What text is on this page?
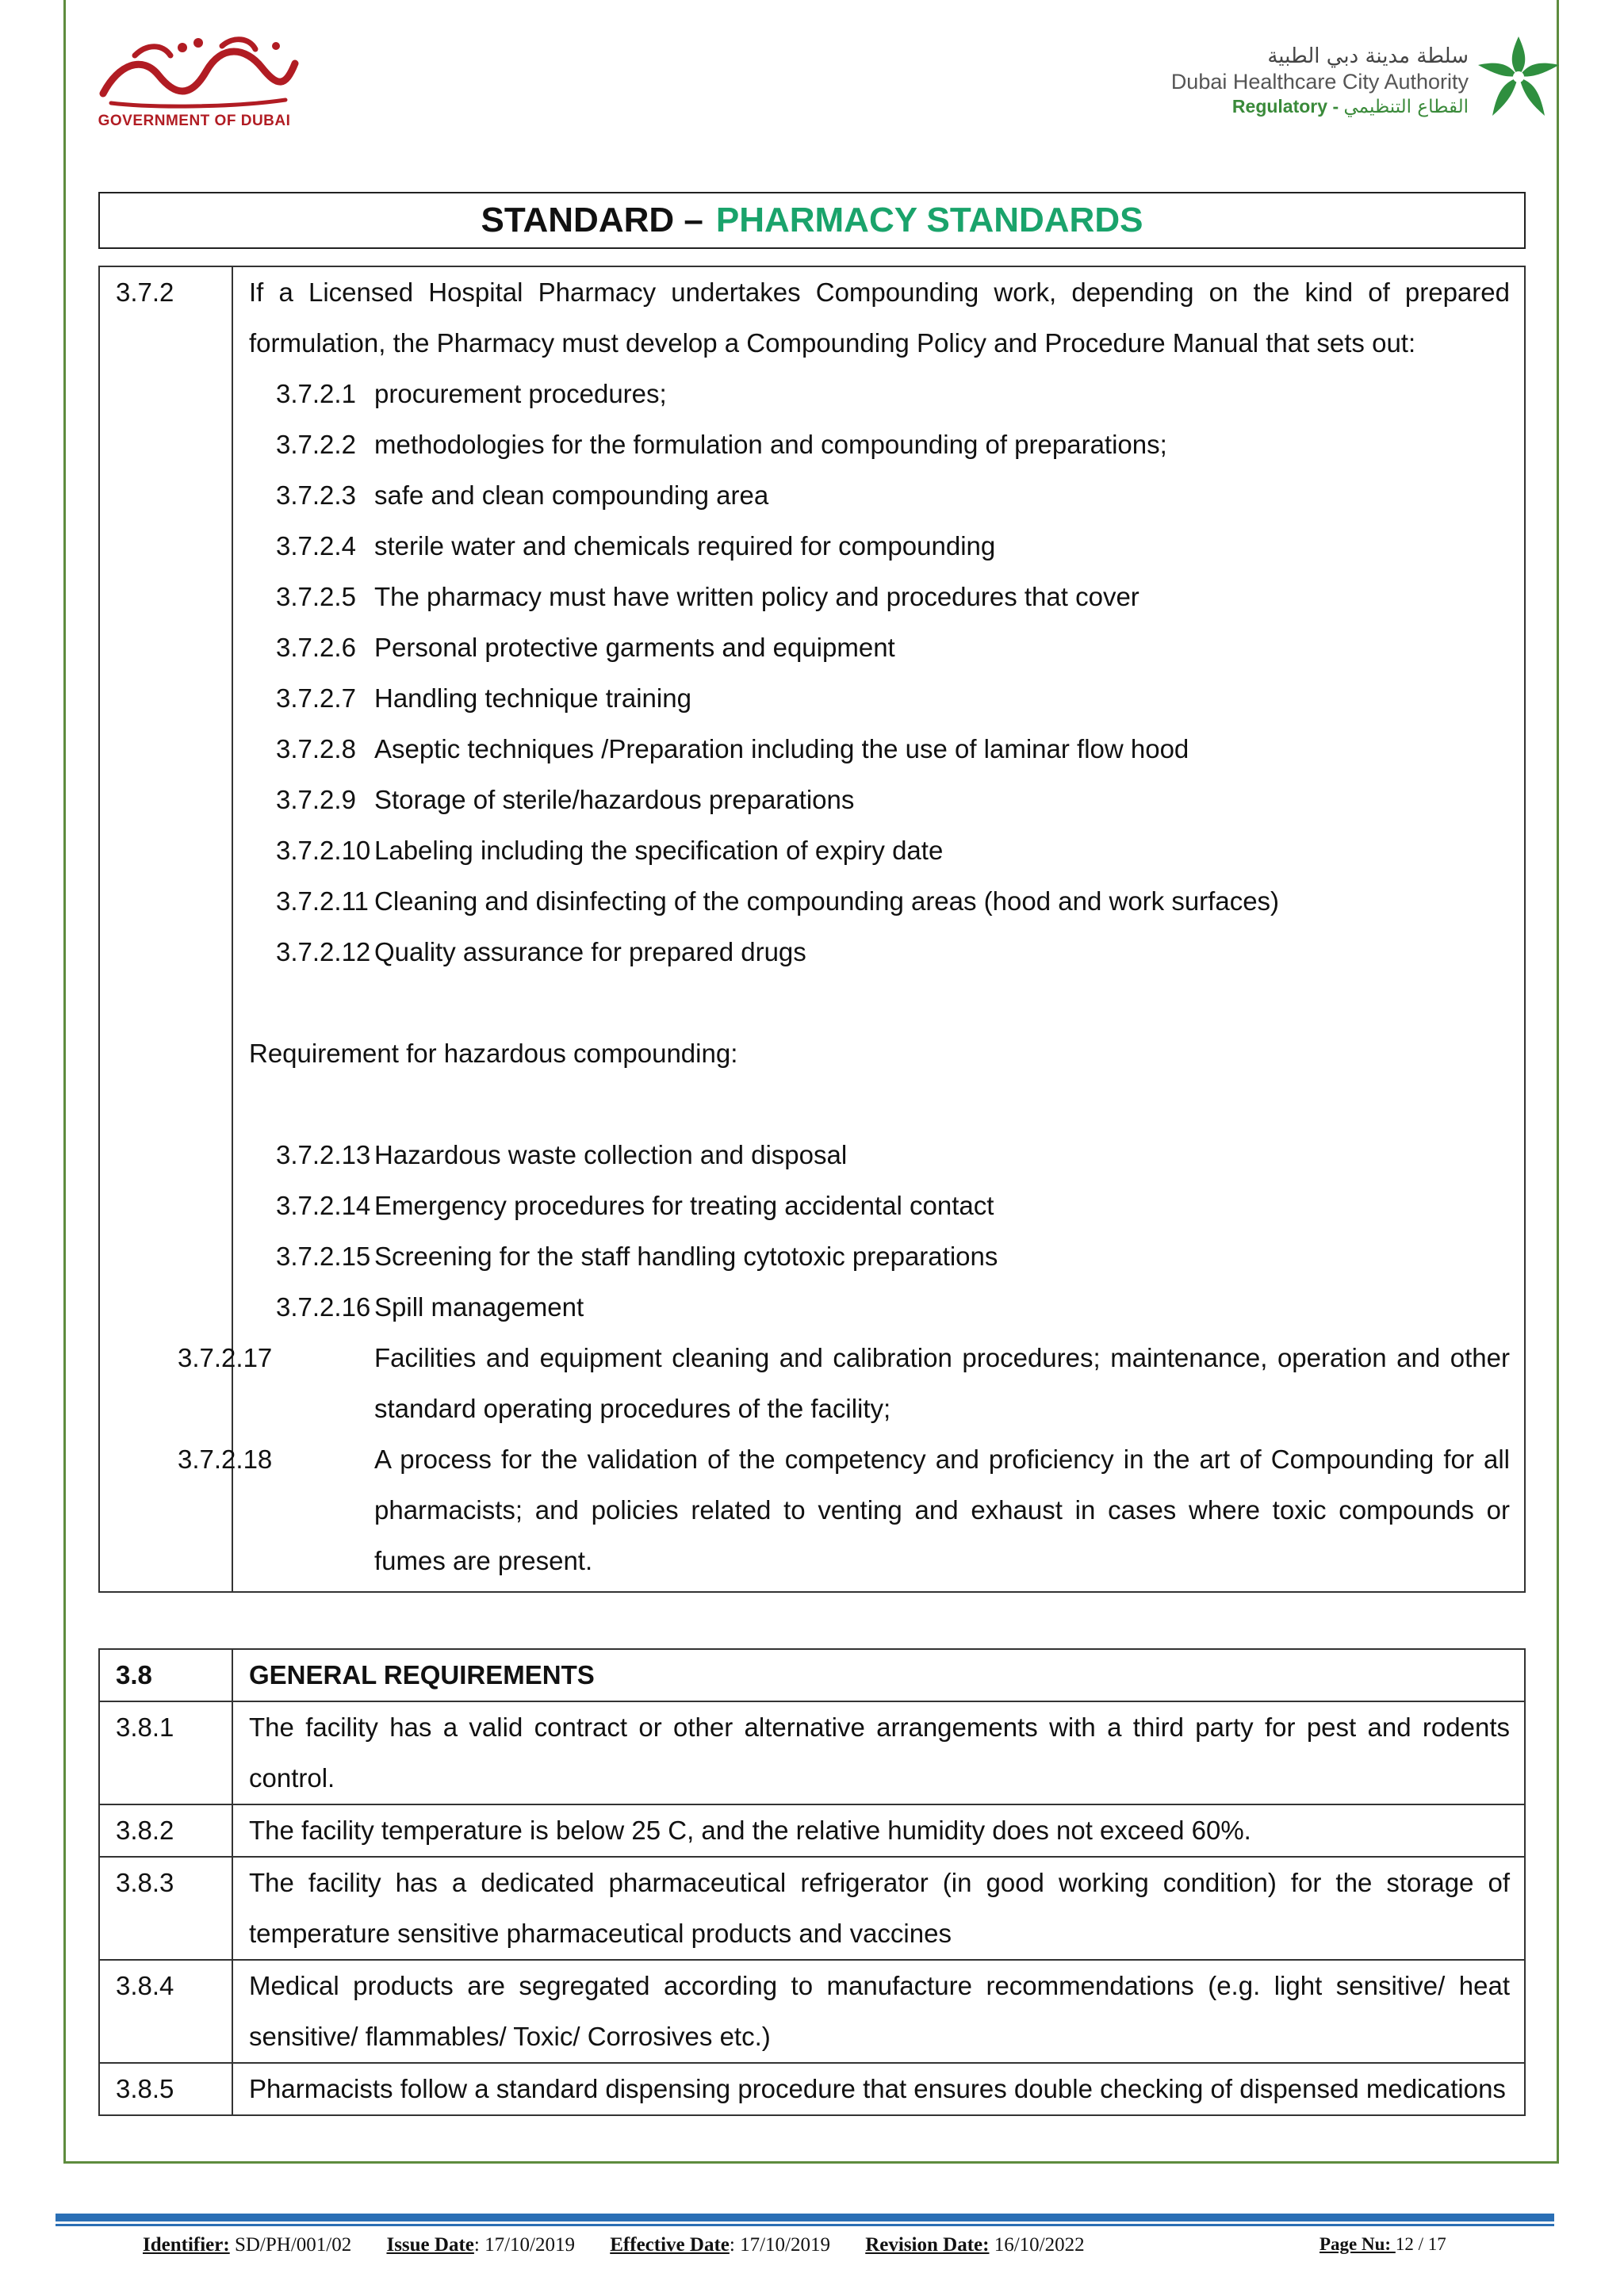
GOVERNMENT OF DUBAI
سلطة مدينة دبي الطبية
Dubai Healthcare City Authority
Regulatory - القطاع التنظيمي
STANDARD – PHARMACY STANDARDS
3.7.2	If a Licensed Hospital Pharmacy undertakes Compounding work, depending on the kind of prepared formulation, the Pharmacy must develop a Compounding Policy and Procedure Manual that sets out:
3.7.2.1 procurement procedures;
3.7.2.2 methodologies for the formulation and compounding of preparations;
3.7.2.3 safe and clean compounding area
3.7.2.4 sterile water and chemicals required for compounding
3.7.2.5 The pharmacy must have written policy and procedures that cover
3.7.2.6 Personal protective garments and equipment
3.7.2.7 Handling technique training
3.7.2.8 Aseptic techniques /Preparation including the use of laminar flow hood
3.7.2.9 Storage of sterile/hazardous preparations
3.7.2.10 Labeling including the specification of expiry date
3.7.2.11 Cleaning and disinfecting of the compounding areas (hood and work surfaces)
3.7.2.12 Quality assurance for prepared drugs
Requirement for hazardous compounding:
3.7.2.13 Hazardous waste collection and disposal
3.7.2.14 Emergency procedures for treating accidental contact
3.7.2.15 Screening for the staff handling cytotoxic preparations
3.7.2.16 Spill management
3.7.2.17	Facilities and equipment cleaning and calibration procedures; maintenance, operation and other standard operating procedures of the facility;
3.7.2.18	A process for the validation of the competency and proficiency in the art of Compounding for all pharmacists; and policies related to venting and exhaust in cases where toxic compounds or fumes are present.
3.8	GENERAL REQUIREMENTS
3.8.1	The facility has a valid contract or other alternative arrangements with a third party for pest and rodents control.
3.8.2	The facility temperature is below 25 C, and the relative humidity does not exceed 60%.
3.8.3	The facility has a dedicated pharmaceutical refrigerator (in good working condition) for the storage of temperature sensitive pharmaceutical products and vaccines
3.8.4	Medical products are segregated according to manufacture recommendations (e.g. light sensitive/ heat sensitive/ flammables/ Toxic/ Corrosives etc.)
3.8.5	Pharmacists follow a standard dispensing procedure that ensures double checking of dispensed medications
Identifier: SD/PH/001/02 Issue Date: 17/10/2019 Effective Date: 17/10/2019 Revision Date: 16/10/2022	Page Nu: 12 / 17
